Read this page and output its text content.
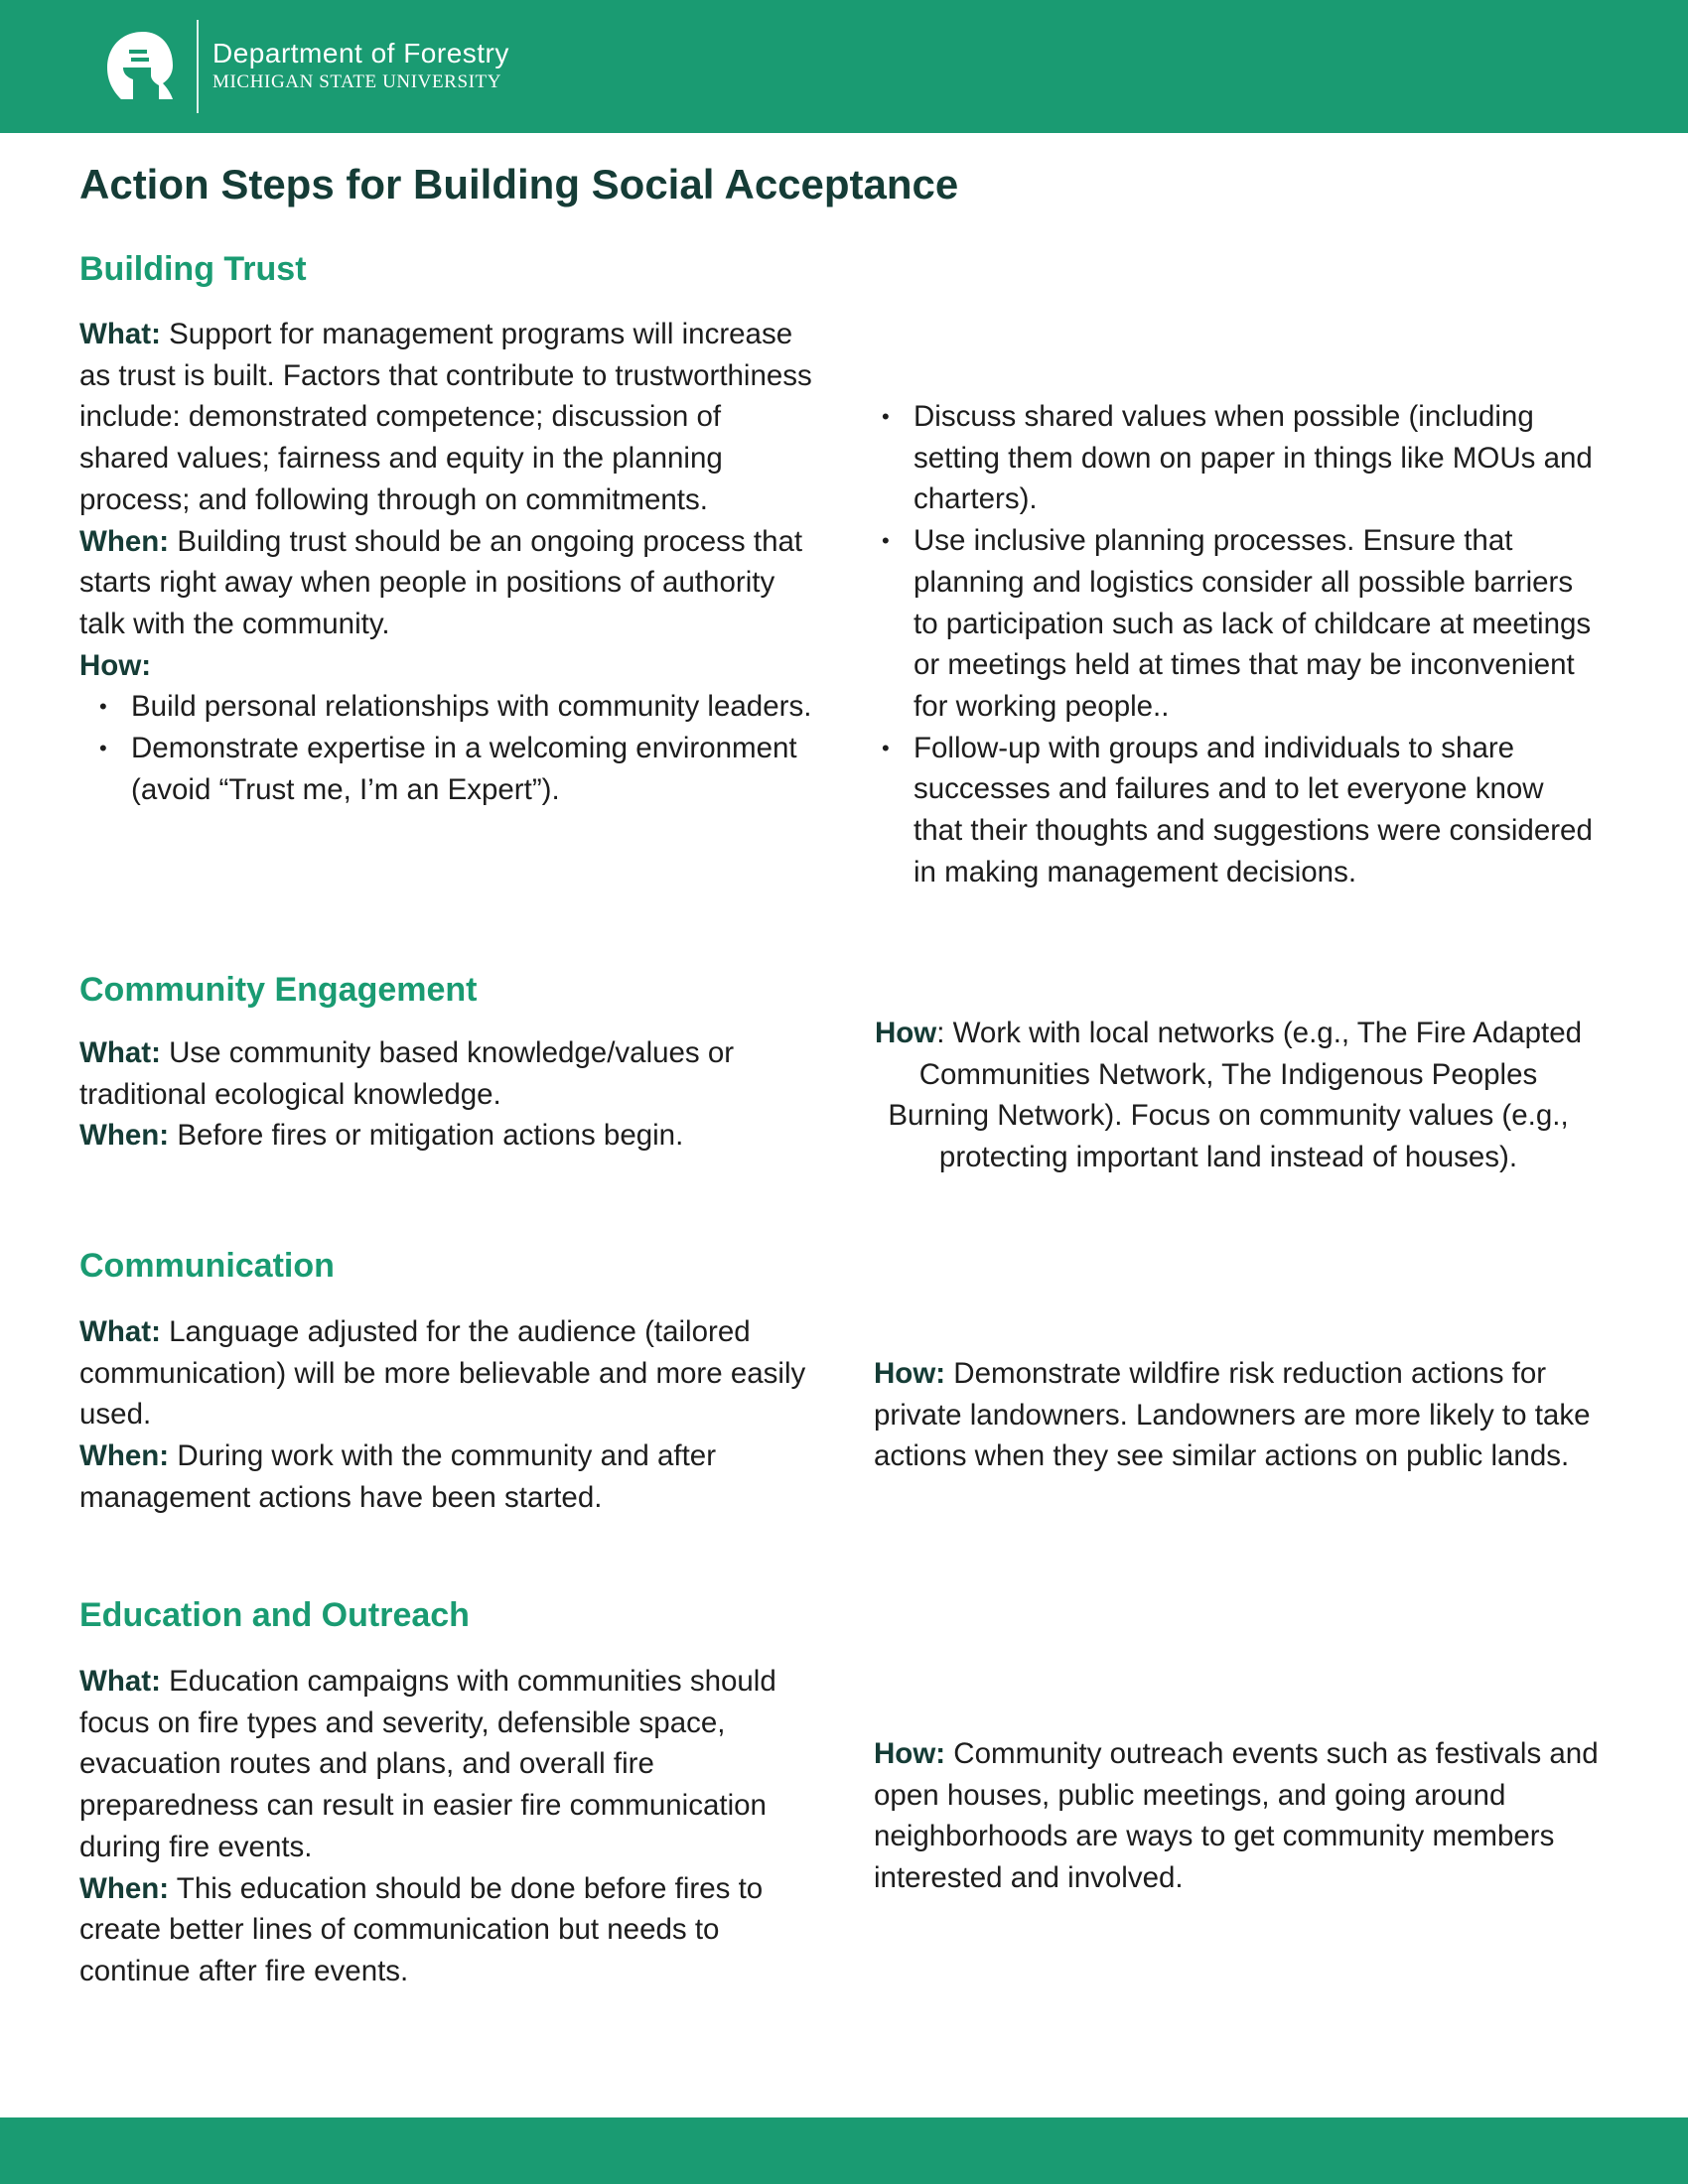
Department of Forestry
MICHIGAN STATE UNIVERSITY
Action Steps for Building Social Acceptance
Building Trust

What: Support for management programs will increase as trust is built. Factors that contribute to trustworthiness include: demonstrated competence; discussion of shared values; fairness and equity in the planning process; and following through on commitments.

When: Building trust should be an ongoing process that starts right away when people in positions of authority talk with the community.

How:

• Build personal relationships with community leaders.
• Demonstrate expertise in a welcoming environment (avoid “Trust me, I’m an Expert”).
• Discuss shared values when possible (including setting them down on paper in things like MOUs and charters).
• Use inclusive planning processes. Ensure that planning and logistics consider all possible barriers to participation such as lack of childcare at meetings or meetings held at times that may be inconvenient for working people..
• Follow-up with groups and individuals to share successes and failures and to let everyone know that their thoughts and suggestions were considered in making management decisions.
Community Engagement

What: Use community based knowledge/values or traditional ecological knowledge.

When: Before fires or mitigation actions begin.

How: Work with local networks (e.g., The Fire Adapted Communities Network, The Indigenous Peoples Burning Network). Focus on community values (e.g., protecting important land instead of houses).

Communication

What: Language adjusted for the audience (tailored communication) will be more believable and more easily used.

When: During work with the community and after management actions have been started.

How: Demonstrate wildfire risk reduction actions for private landowners. Landowners are more likely to take actions when they see similar actions on public lands.

Education and Outreach

What: Education campaigns with communities should focus on fire types and severity, defensible space, evacuation routes and plans, and overall fire preparedness can result in easier fire communication during fire events.

When: This education should be done before fires to create better lines of communication but needs to continue after fire events.

How: Community outreach events such as festivals and open houses, public meetings, and going around neighborhoods are ways to get community members interested and involved.
